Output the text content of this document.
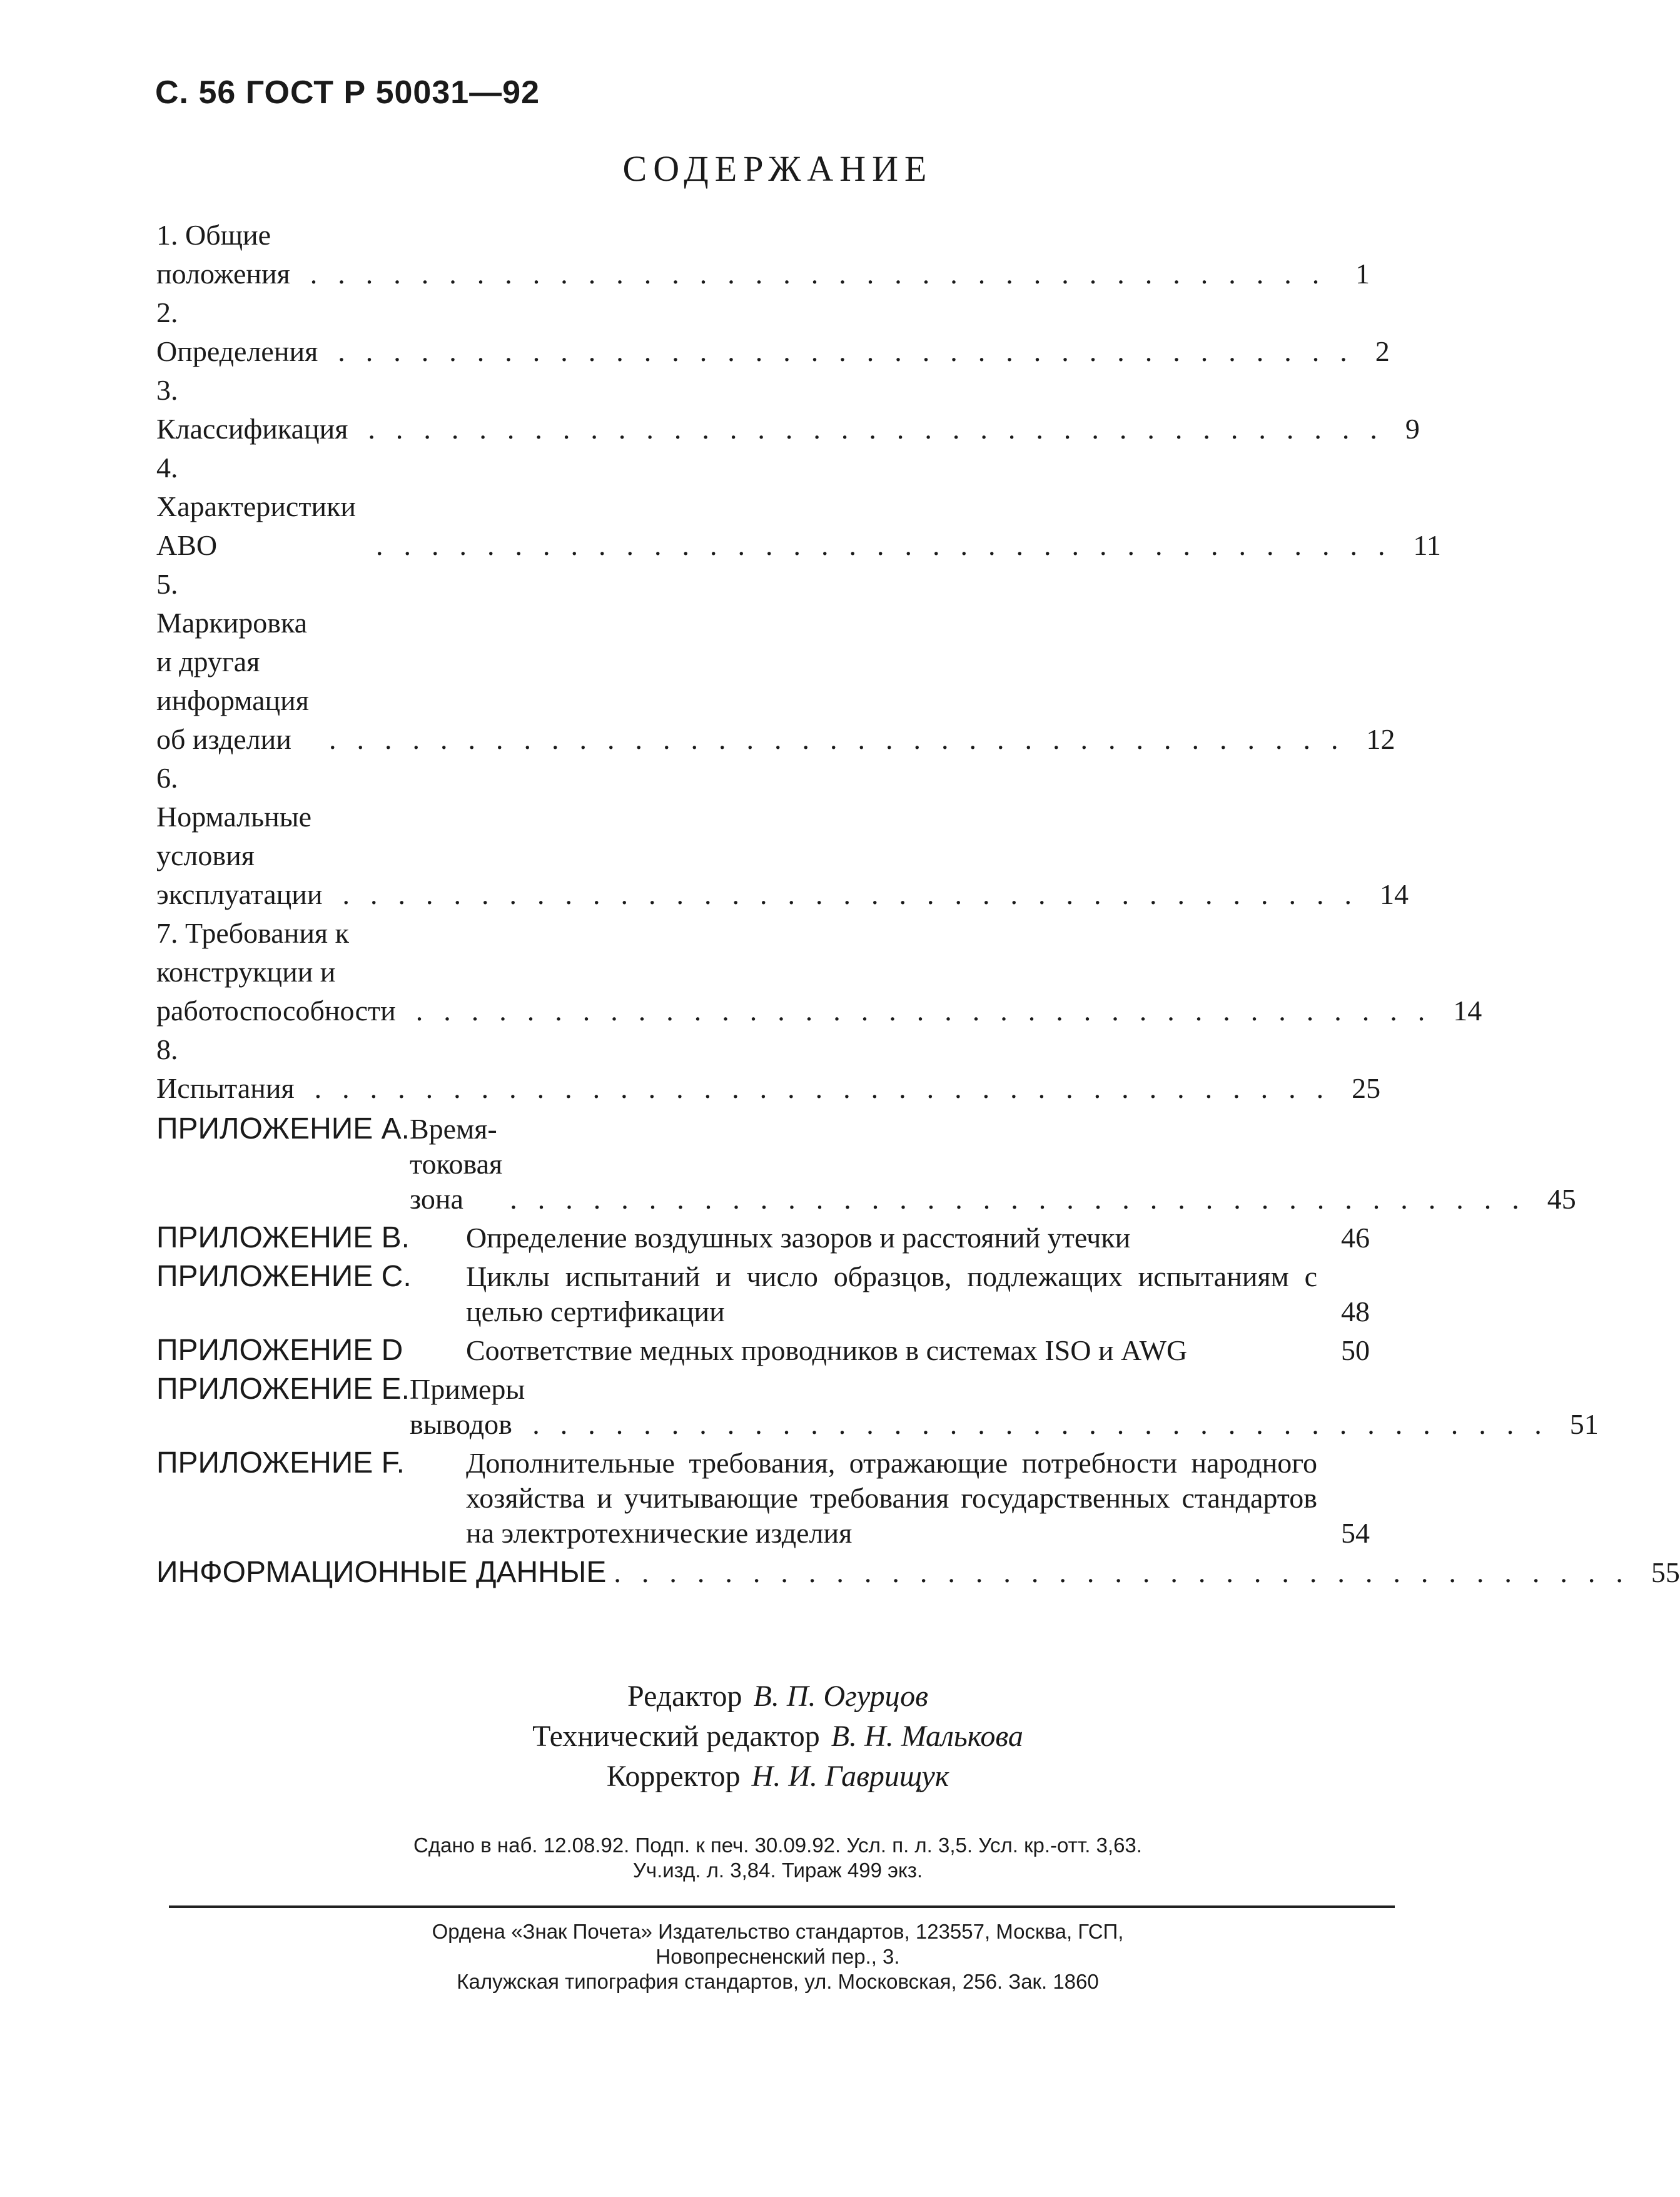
С. 56 ГОСТ Р 50031—92
СОДЕРЖАНИЕ
1. Общие положения ..................................... 1
2. Определения ..................................... 2
3. Классификация ..................................... 9
4. Характеристики АВО	..................................... 11
5. Маркировка и другая информация об изделии	..................................... 12
6. Нормальные условия эксплуатации ..................................... 14
7. Требования к конструкции и работоспособности ..................................... 14
8. Испытания ..................................... 25
ПРИЛОЖЕНИЕ А. Время-токовая зона	..................................... 45
ПРИЛОЖЕНИЕ В.	Определение воздушных зазоров и расстояний утечки	46
ПРИЛОЖЕНИЕ С.	Циклы испытаний и число образцов, подлежащих испытаниям с целью сертификации	48
ПРИЛОЖЕНИЕ D	Соответствие медных проводников в системах ISO и AWG	50
ПРИЛОЖЕНИЕ Е. Примеры выводов ..................................... 51
ПРИЛОЖЕНИЕ F.	Дополнительные требования, отражающие потребности народного хозяйства и учитывающие требования государственных стандартов на электротехнические изделия	54
ИНФОРМАЦИОННЫЕ ДАННЫЕ ..................................... 55
Редактор В. П. Огурцов
Технический редактор В. Н. Малькова
Корректор Н. И. Гаврищук
Сдано в наб. 12.08.92. Подп. к печ. 30.09.92. Усл. п. л. 3,5. Усл. кр.-отт. 3,63.
Уч.изд. л. 3,84. Тираж 499 экз.
Ордена «Знак Почета» Издательство стандартов, 123557, Москва, ГСП,
Новопресненский пер., 3.
Калужская типография стандартов, ул. Московская, 256. Зак. 1860
